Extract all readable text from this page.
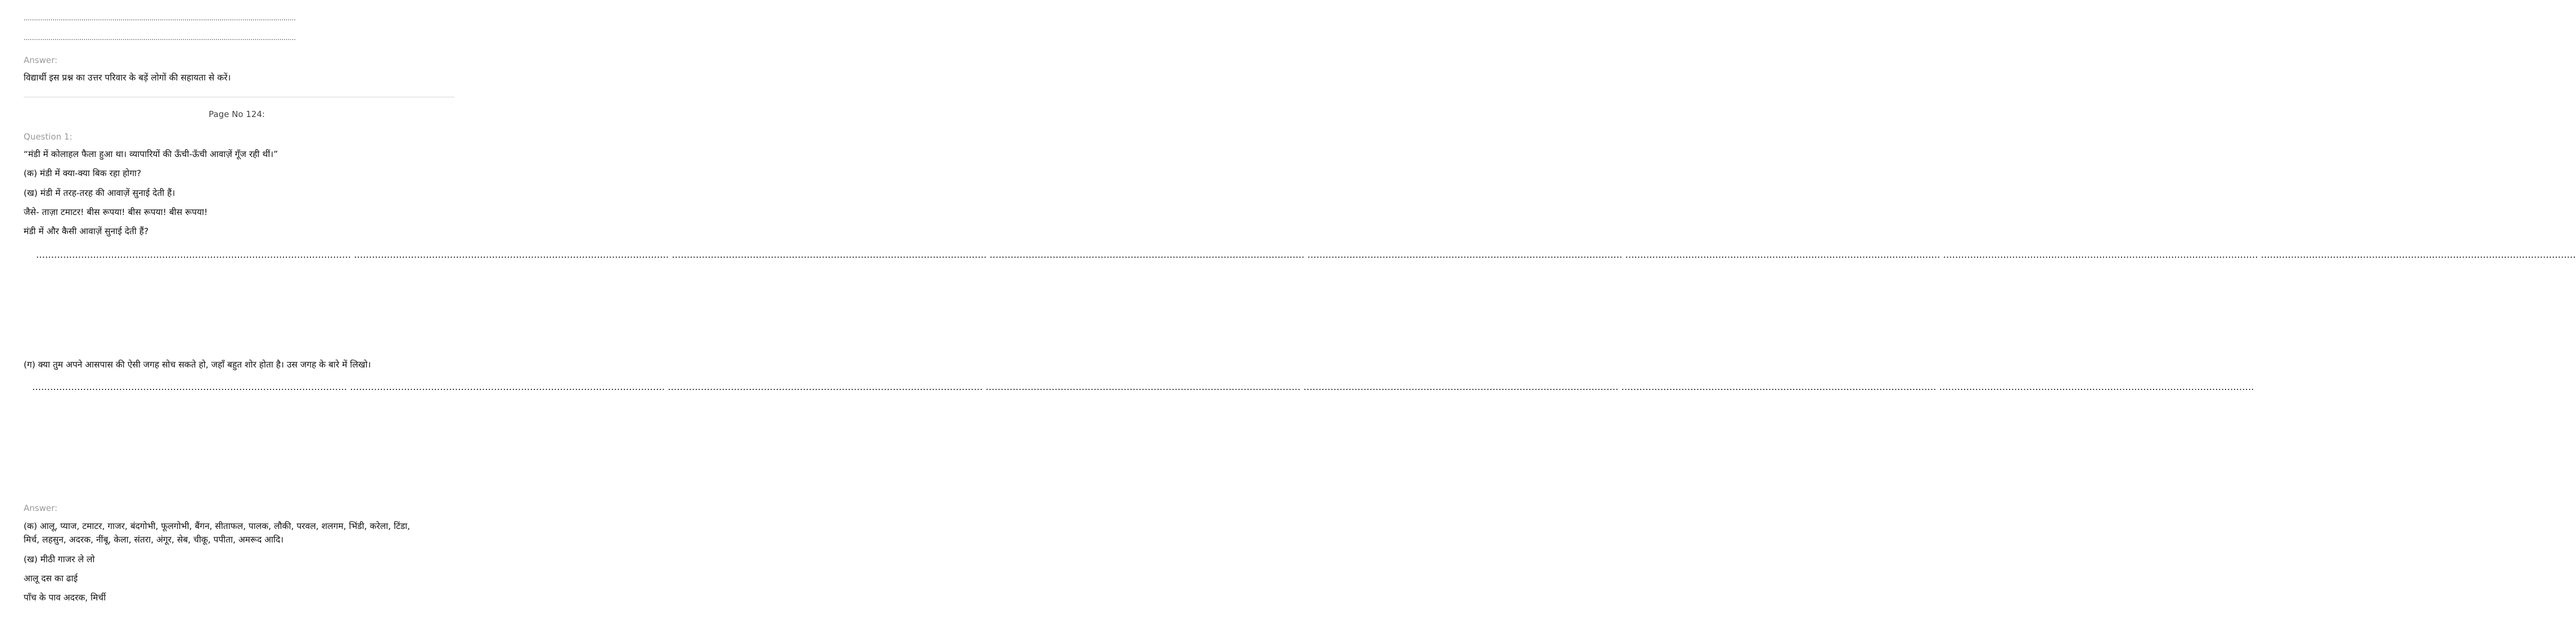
……………………………………………………………………………………………………………………
……………………………………………………………………………………………………………………
Answer:
विद्यार्थी इस प्रश्न का उत्तर परिवार के बड़ें लोगों की सहायता से करें।
Page No 124:
Question 1:
“मंडी में कोलाहल फैला हुआ था। व्यापारियों की ऊँची-ऊँची आवाज़ें गूँज रही थीं।”
(क) मंडी में क्या-क्या बिक रहा होगा?
(ख) मंडी में तरह-तरह की आवाज़ें सुनाई देती हैं।
जैसे- ताज़ा टमाटर! बीस रूपया! बीस रूपया! बीस रूपया!
मंडी में और कैसी आवाज़ें सुनाई देती हैं?
…………………………………………………………………………………………… …………………………………………………………………………………………… …………………………………………………………………………………………… …………………………………………………………………………………………… …………………………………………………………………………………………… …………………………………………………………………………………………… …………………………………………………………………………………………… ……………………………………………………………………………………………
(ग) क्या तुम अपने आसपास की ऐसी जगह सोच सकते हो, जहाँ बहुत शोर होता है। उस जगह के बारे में लिखो।
…………………………………………………………………………………………… …………………………………………………………………………………………… …………………………………………………………………………………………… …………………………………………………………………………………………… …………………………………………………………………………………………… …………………………………………………………………………………………… ……………………………………………………………………………………………
Answer:
(क) आलू, प्याज, टमाटर, गाजर, बंदगोभी, फूलगोभी, बैंगन, सीताफल, पालक, लौकी, परवल, शलगम, भिंडी, करेला, टिंडा,
मिर्च, लहसुन, अदरक, नींबू, केला, संतरा, अंगूर, सेब, चीकू, पपीता, अमरूद आदि।
(ख) मीठी गाजर ले लो
आलू दस का ढाई
पाँच के पाव अदरक, मिर्ची
